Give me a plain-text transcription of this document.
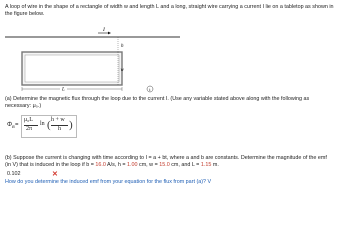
A loop of wire in the shape of a rectangle of width w and length L and a long, straight wire carrying a current I lie on a tabletop as shown in
the figure below.
I
h
w
L	i
(a) Determine the magnetic flux through the loop due to the current I. (Use any variable stated above along with the following as
necessary: μ₀.)
$\Phi_B$ =
μ₀L
2π
ln ( h + w
h )
(b) Suppose the current is changing with time according to I = a + bt, where a and b are constants. Determine the magnitude of the emf
(in V) that is induced in the loop if b = 16.0 A/s, h = 1.00 cm, w = 15.0 cm, and L = 1.15 m.
0.102	✕
How do you determine the induced emf from your equation for the flux from part (a)? V
